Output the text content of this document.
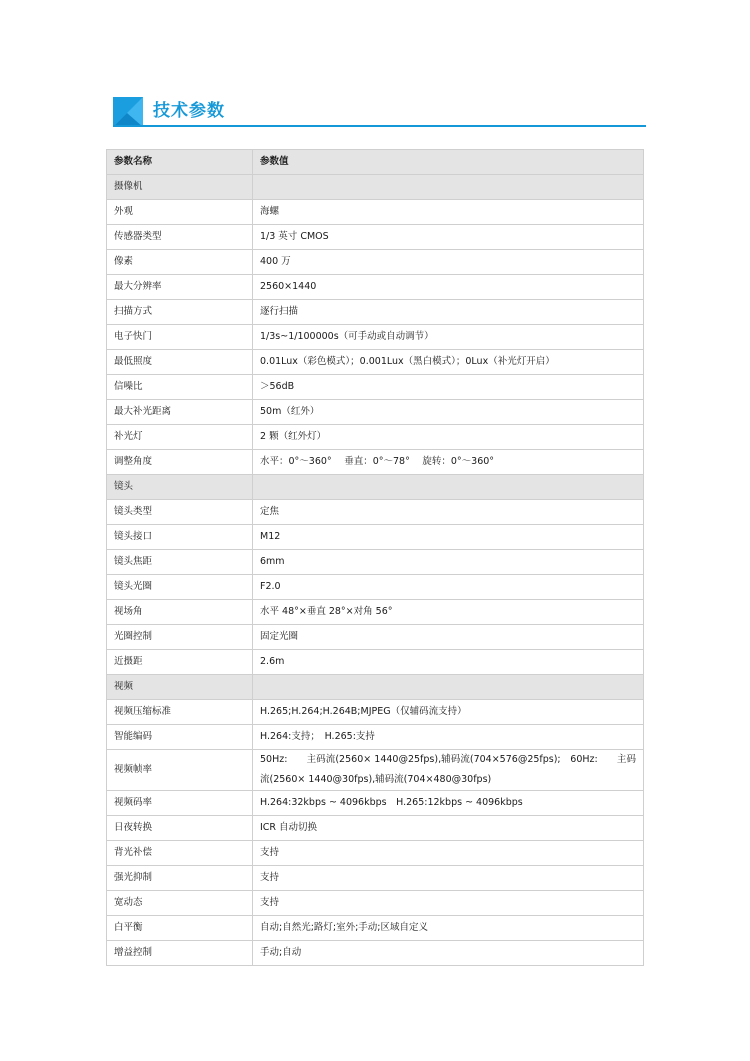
技术参数
参数名称	参数值
摄像机	
外观	海螺
传感器类型	1/3 英寸 CMOS
像素	400 万
最大分辨率	2560×1440
扫描方式	逐行扫描
电子快门	1/3s~1/100000s（可手动或自动调节）
最低照度	0.01Lux（彩色模式）；0.001Lux（黑白模式）；0Lux（补光灯开启）
信噪比	＞56dB
最大补光距离	50m（红外）
补光灯	2 颗（红外灯）
调整角度	水平：0°～360°　 垂直：0°～78°　 旋转：0°～360°
镜头	
镜头类型	定焦
镜头接口	M12
镜头焦距	6mm
镜头光圈	F2.0
视场角	水平 48°×垂直 28°×对角 56°
光圈控制	固定光圈
近摄距	2.6m
视频	
视频压缩标准	H.265;H.264;H.264B;MJPEG（仅辅码流支持）
智能编码	H.264:支持；　H.265:支持
视频帧率	50Hz:　　主码流(2560× 1440@25fps),辅码流(704×576@25fps);　60Hz:　　主码流(2560× 1440@30fps),辅码流(704×480@30fps)

视频码率	H.264:32kbps ~ 4096kbps　H.265:12kbps ~ 4096kbps
日夜转换	ICR 自动切换
背光补偿	支持
强光抑制	支持
宽动态	支持
白平衡	自动;自然光;路灯;室外;手动;区域自定义
增益控制	手动;自动
